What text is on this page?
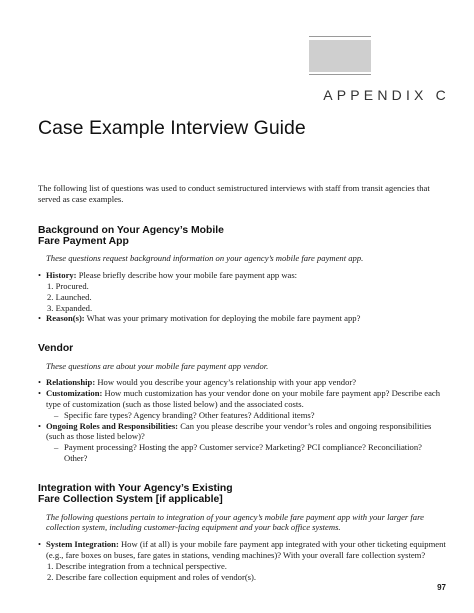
APPENDIX C
Case Example Interview Guide

The following list of questions was used to conduct semistructured interviews with staff from transit agencies that served as case examples.

Background on Your Agency’s Mobile
Fare Payment App

These questions request background information on your agency’s mobile fare payment app.

• History: Please briefly describe how your mobile fare payment app was:
1. Procured.
2. Launched.
3. Expanded.
• Reason(s): What was your primary motivation for deploying the mobile fare payment app?
Vendor

These questions are about your mobile fare payment app vendor.

• Relationship: How would you describe your agency’s relationship with your app vendor?
• Customization: How much customization has your vendor done on your mobile fare payment app? Describe each type of customization (such as those listed below) and the associated costs.
– Specific fare types? Agency branding? Other features? Additional items?
• Ongoing Roles and Responsibilities: Can you please describe your vendor’s roles and ongoing responsibilities (such as those listed below)?
– Payment processing? Hosting the app? Customer service? Marketing? PCI compliance? Reconciliation? Other?
Integration with Your Agency’s Existing
Fare Collection System [if applicable]

The following questions pertain to integration of your agency’s mobile fare payment app with your larger fare collection system, including customer-facing equipment and your back office systems.

• System Integration: How (if at all) is your mobile fare payment app integrated with your other ticketing equipment (e.g., fare boxes on buses, fare gates in stations, vending machines)? With your overall fare collection system?
1. Describe integration from a technical perspective.
2. Describe fare collection equipment and roles of vendor(s).
97
